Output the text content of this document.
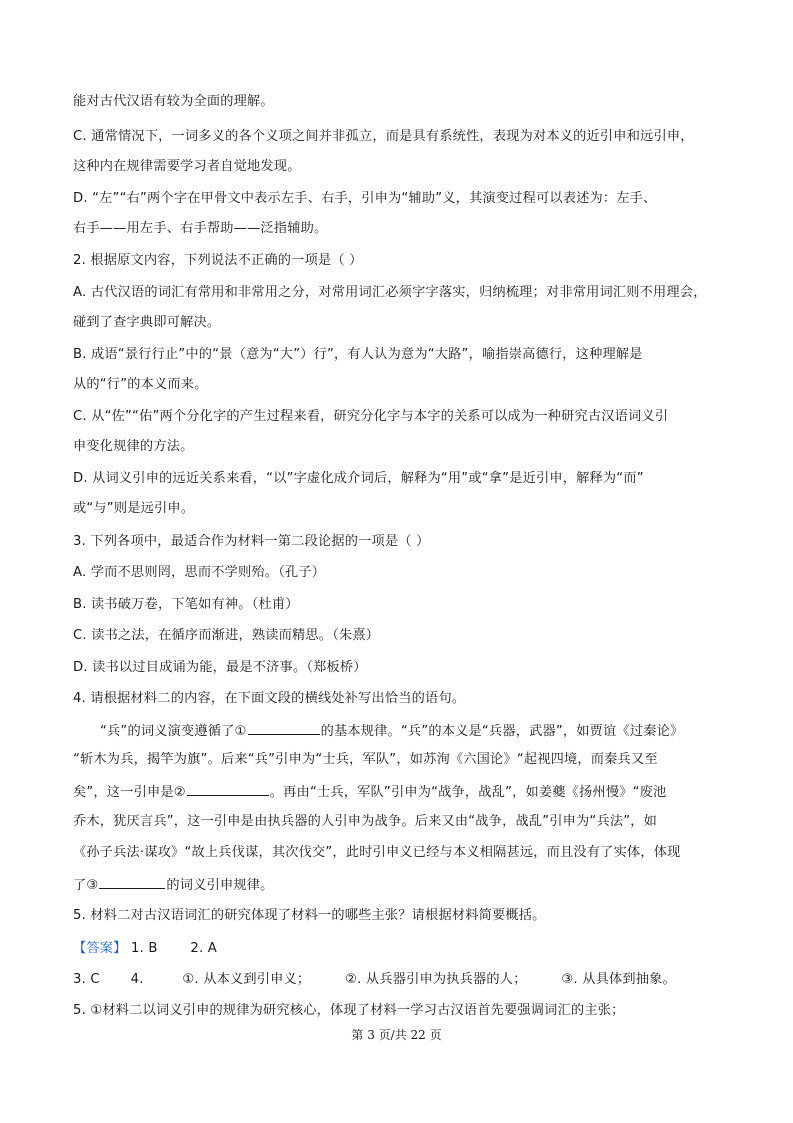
能对古代汉语有较为全面的理解。
C. 通常情况下，一词多义的各个义项之间并非孤立，而是具有系统性，表现为对本义的近引申和远引申，
这种内在规律需要学习者自觉地发现。
D. “左”“右”两个字在甲骨文中表示左手、右手，引申为“辅助”义，其演变过程可以表述为：左手、
右手——用左手、右手帮助——泛指辅助。
2. 根据原文内容，下列说法不正确的一项是（ ）
A. 古代汉语的词汇有常用和非常用之分，对常用词汇必须字字落实，归纳梳理；对非常用词汇则不用理会，
碰到了查字典即可解决。
B. 成语“景行行止”中的“景（意为“大”）行”，有人认为意为“大路”，喻指崇高德行，这种理解是
从的“行”的本义而来。
C. 从“佐”“佑”两个分化字的产生过程来看，研究分化字与本字的关系可以成为一种研究古汉语词义引
申变化规律的方法。
D. 从词义引申的远近关系来看，“以”字虚化成介词后，解释为“用”或“拿”是近引申，解释为“而”
或“与”则是远引申。
3. 下列各项中，最适合作为材料一第二段论据的一项是（ ）
A. 学而不思则罔，思而不学则殆。（孔子）
B. 读书破万卷，下笔如有神。（杜甫）
C. 读书之法，在循序而渐进，熟读而精思。（朱熹）
D. 读书以过目成诵为能，最是不济事。（郑板桥）
4. 请根据材料二的内容，在下面文段的横线处补写出恰当的语句。
“兵”的词义演变遵循了①	的基本规律。“兵”的本义是“兵器，武器”，如贾谊《过秦论》
“斩木为兵，揭竿为旗”。后来“兵”引申为“士兵，军队”，如苏洵《六国论》“起视四境，而秦兵又至
矣”，这一引申是②	。再由“士兵，军队”引申为“战争，战乱”，如姜夔《扬州慢》“废池
乔木，犹厌言兵”，这一引申是由执兵器的人引申为战争。后来又由“战争，战乱”引申为“兵法”，如
《孙子兵法·谋攻》“故上兵伐谋，其次伐交”，此时引申义已经与本义相隔甚远，而且没有了实体，体现
了③	的词义引申规律。
5. 材料二对古汉语词汇的研究体现了材料一的哪些主张？请根据材料简要概括。
【答案】 1. B 2. A
3. C 4.	①. 从本义到引申义；	②. 从兵器引申为执兵器的人；	③. 从具体到抽象。
5. ①材料二以词义引申的规律为研究核心，体现了材料一学习古汉语首先要强调词汇的主张；
第 3 页/共 22 页
